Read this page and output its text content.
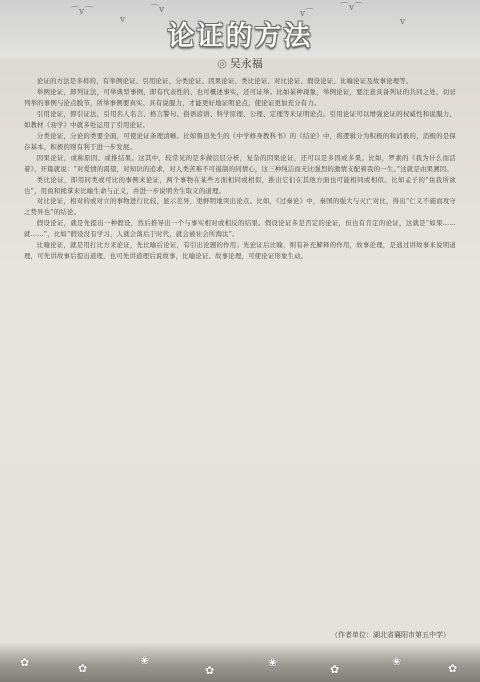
⌒v⌒
v
⌒v	v⌒
⌒v⌒
v
论证的方法
◎ 吴永福

论证的方法是多样的，有举例论证、引用论证、分类论证、因果论证、类比论证、对比论证、假设论证、比喻论证及故事论理等。

举例论证，即列证法，可举典型事例，即有代表性的、也可概述事实，还可证举。比如某种现象，举例论证，要注意具备列证的共同之处，切忌列举的事例与论点脱节，所举事例要真实、具有说服力，才能更好地证明论点，使论证更加充分有力。

引用论证，即引证法，引用名人名言、格言警句、俗语谚语、科学原理、公理、定理等来证明论点。引用论证可以增强论证的权威性和说服力，如教材《劝学》中就多处运用了引用论证。

分类论证，分论的类要全面，可使论证条理清晰。比如鲁迅先生的《中学修身教科书》的《结论》中，将逻辑分为积极的和消极的，消极的是保存基本，积极的则有利于进一步发展。

因果论证，或称原因、或推结果。这其中，较常见的是多做层层分析，复杂的因果论证，还可以是多因或多果。比如，罗素的《我为什么而活着》，开篇就说：“对爱情的渴望，对知识的追求，对人类苦难不可遏制的同情心，这三种纯洁而无比强烈的激情支配着我的一生。”这就是由果溯因。

类比论证，即用同类或可比的事例来论证，两个事物在某些方面相同或相似，推出它们在其他方面也可能相同或相似。比如孟子的“鱼我所欲也”，用鱼和熊掌来比喻生命与正义，并进一步说明舍生取义的道理。

对比论证，相对的或对立的事物进行比较，显示差异，更鲜明地突出论点。比如，《过秦论》中，秦国的强大与灭亡对比，得出“仁义不施而攻守之势异也”的结论。

假设论证，就是先提出一种假设，然后推导出一个与事实相对或相反的结果。假设论证多是否定的论证，但也有肯定的论证，这就是“如果……就……”，比如“假设没有学习，人就会落后于时代，就会被社会所淘汰”。

比喻论证，就是用打比方来论证，先比喻后论证，有引出论题的作用；先论证后比喻，则有补充解释的作用，故事论理，是通过讲故事来说明道理，可先讲故事后提出道理，也可先讲道理后说故事，比喻论证、故事论理，可使论证形象生动。

（作者单位：湖北省襄阳市第五中学）
✿	✿
❀
✿
❀
✿
❀
✿
